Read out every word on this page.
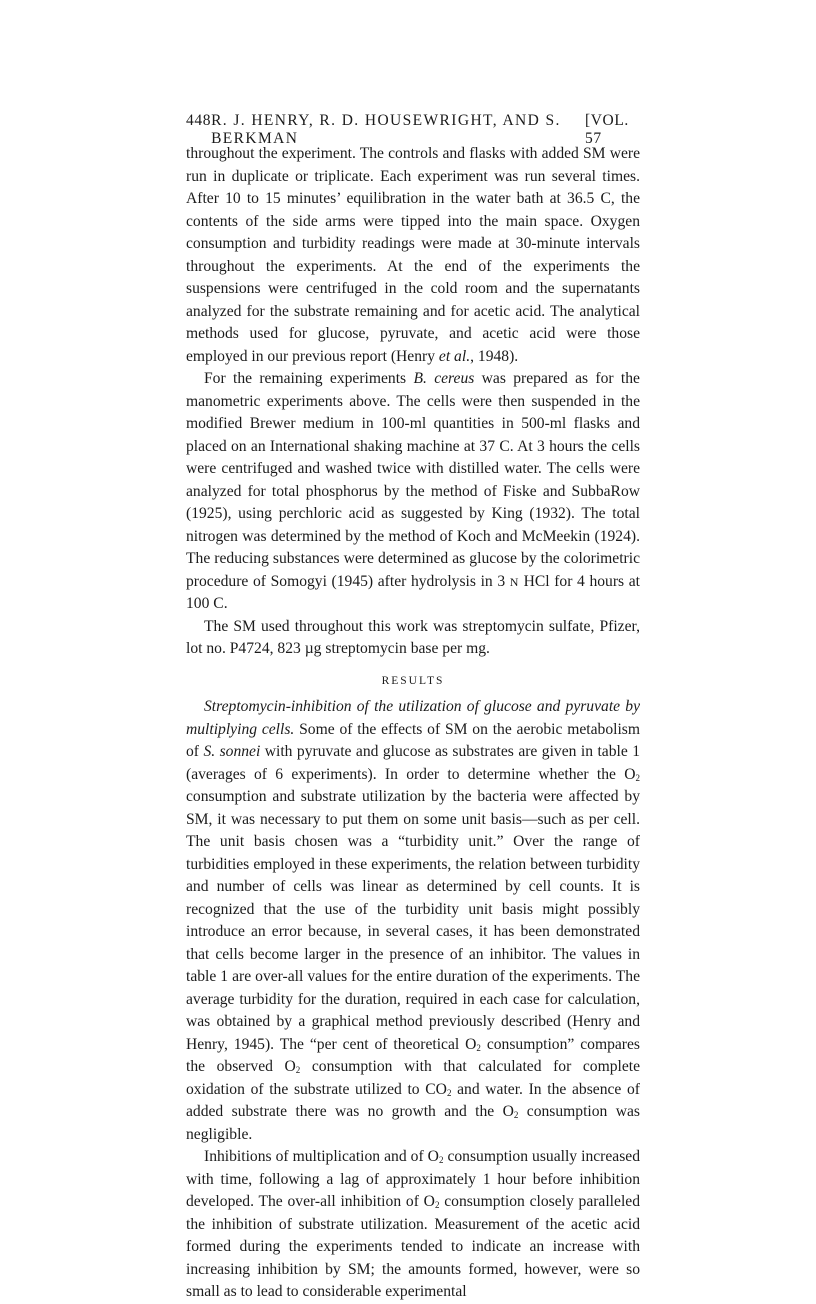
448 R. J. HENRY, R. D. HOUSEWRIGHT, AND S. BERKMAN
[VOL. 57

throughout the experiment. The controls and flasks with added SM were run in duplicate or triplicate. Each experiment was run several times. After 10 to 15 minutes’ equilibration in the water bath at 36.5 C, the contents of the side arms were tipped into the main space. Oxygen consumption and turbidity readings were made at 30-minute intervals throughout the experiments. At the end of the experiments the suspensions were centrifuged in the cold room and the supernatants analyzed for the substrate remaining and for acetic acid. The analytical methods used for glucose, pyruvate, and acetic acid were those employed in our previous report (Henry et al., 1948).

For the remaining experiments B. cereus was prepared as for the manometric experiments above. The cells were then suspended in the modified Brewer medium in 100-ml quantities in 500-ml flasks and placed on an International shaking machine at 37 C. At 3 hours the cells were centrifuged and washed twice with distilled water. The cells were analyzed for total phosphorus by the method of Fiske and SubbaRow (1925), using perchloric acid as suggested by King (1932). The total nitrogen was determined by the method of Koch and McMeekin (1924). The reducing substances were determined as glucose by the colorimetric procedure of Somogyi (1945) after hydrolysis in 3 N HCl for 4 hours at 100 C.

The SM used throughout this work was streptomycin sulfate, Pfizer, lot no. P4724, 823 µg streptomycin base per mg.

RESULTS

Streptomycin-inhibition of the utilization of glucose and pyruvate by multiplying cells. Some of the effects of SM on the aerobic metabolism of S. sonnei with pyruvate and glucose as substrates are given in table 1 (averages of 6 experiments). In order to determine whether the $O_2$ consumption and substrate utilization by the bacteria were affected by SM, it was necessary to put them on some unit basis—such as per cell. The unit basis chosen was a “turbidity unit.” Over the range of turbidities employed in these experiments, the relation between turbidity and number of cells was linear as determined by cell counts. It is recognized that the use of the turbidity unit basis might possibly introduce an error because, in several cases, it has been demonstrated that cells become larger in the presence of an inhibitor. The values in table 1 are over-all values for the entire duration of the experiments. The average turbidity for the duration, required in each case for calculation, was obtained by a graphical method previously described (Henry and Henry, 1945). The “per cent of theoretical $O_2$ consumption” compares the observed $O_2$ consumption with that calculated for complete oxidation of the substrate utilized to $CO_2$ and water. In the absence of added substrate there was no growth and the $O_2$ consumption was negligible.

Inhibitions of multiplication and of $O_2$ consumption usually increased with time, following a lag of approximately 1 hour before inhibition developed. The over-all inhibition of $O_2$ consumption closely paralleled the inhibition of substrate utilization. Measurement of the acetic acid formed during the experiments tended to indicate an increase with increasing inhibition by SM; the amounts formed, however, were so small as to lead to considerable experimental
